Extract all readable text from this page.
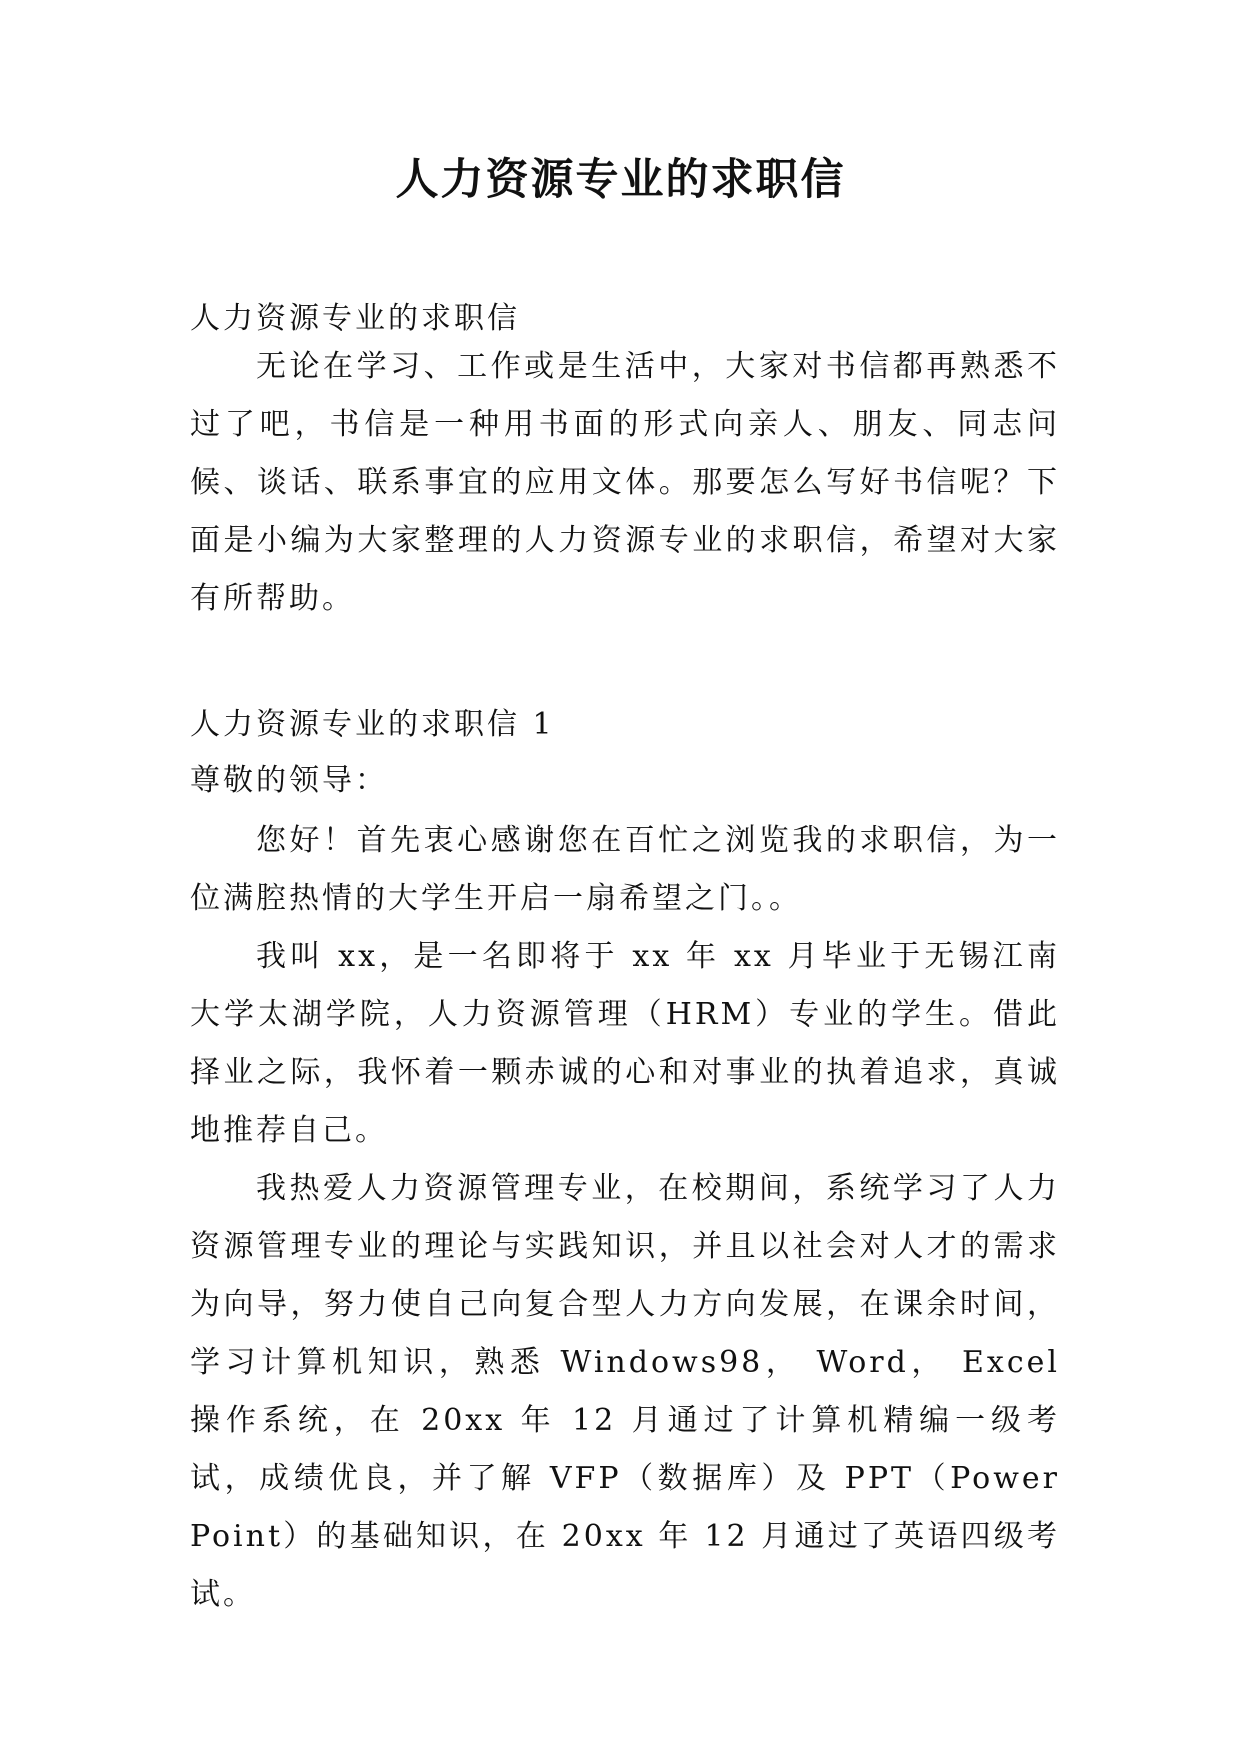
人力资源专业的求职信

人力资源专业的求职信

无论在学习、工作或是生活中，大家对书信都再熟悉不过了吧，书信是一种用书面的形式向亲人、朋友、同志问候、谈话、联系事宜的应用文体。那要怎么写好书信呢？下面是小编为大家整理的人力资源专业的求职信，希望对大家有所帮助。

人力资源专业的求职信 1

尊敬的领导：

您好！首先衷心感谢您在百忙之浏览我的求职信，为一位满腔热情的大学生开启一扇希望之门。。

我叫 xx，是一名即将于 xx 年 xx 月毕业于无锡江南大学太湖学院，人力资源管理（HRM）专业的学生。借此择业之际，我怀着一颗赤诚的心和对事业的执着追求，真诚地推荐自己。

我热爱人力资源管理专业，在校期间，系统学习了人力资源管理专业的理论与实践知识，并且以社会对人才的需求为向导，努力使自己向复合型人力方向发展，在课余时间，学习计算机知识，熟悉 Windows98， Word， Excel 操作系统，在 20xx 年 12 月通过了计算机精编一级考试，成绩优良，并了解 VFP（数据库）及 PPT（Power Point）的基础知识，在 20xx 年 12 月通过了英语四级考试。
